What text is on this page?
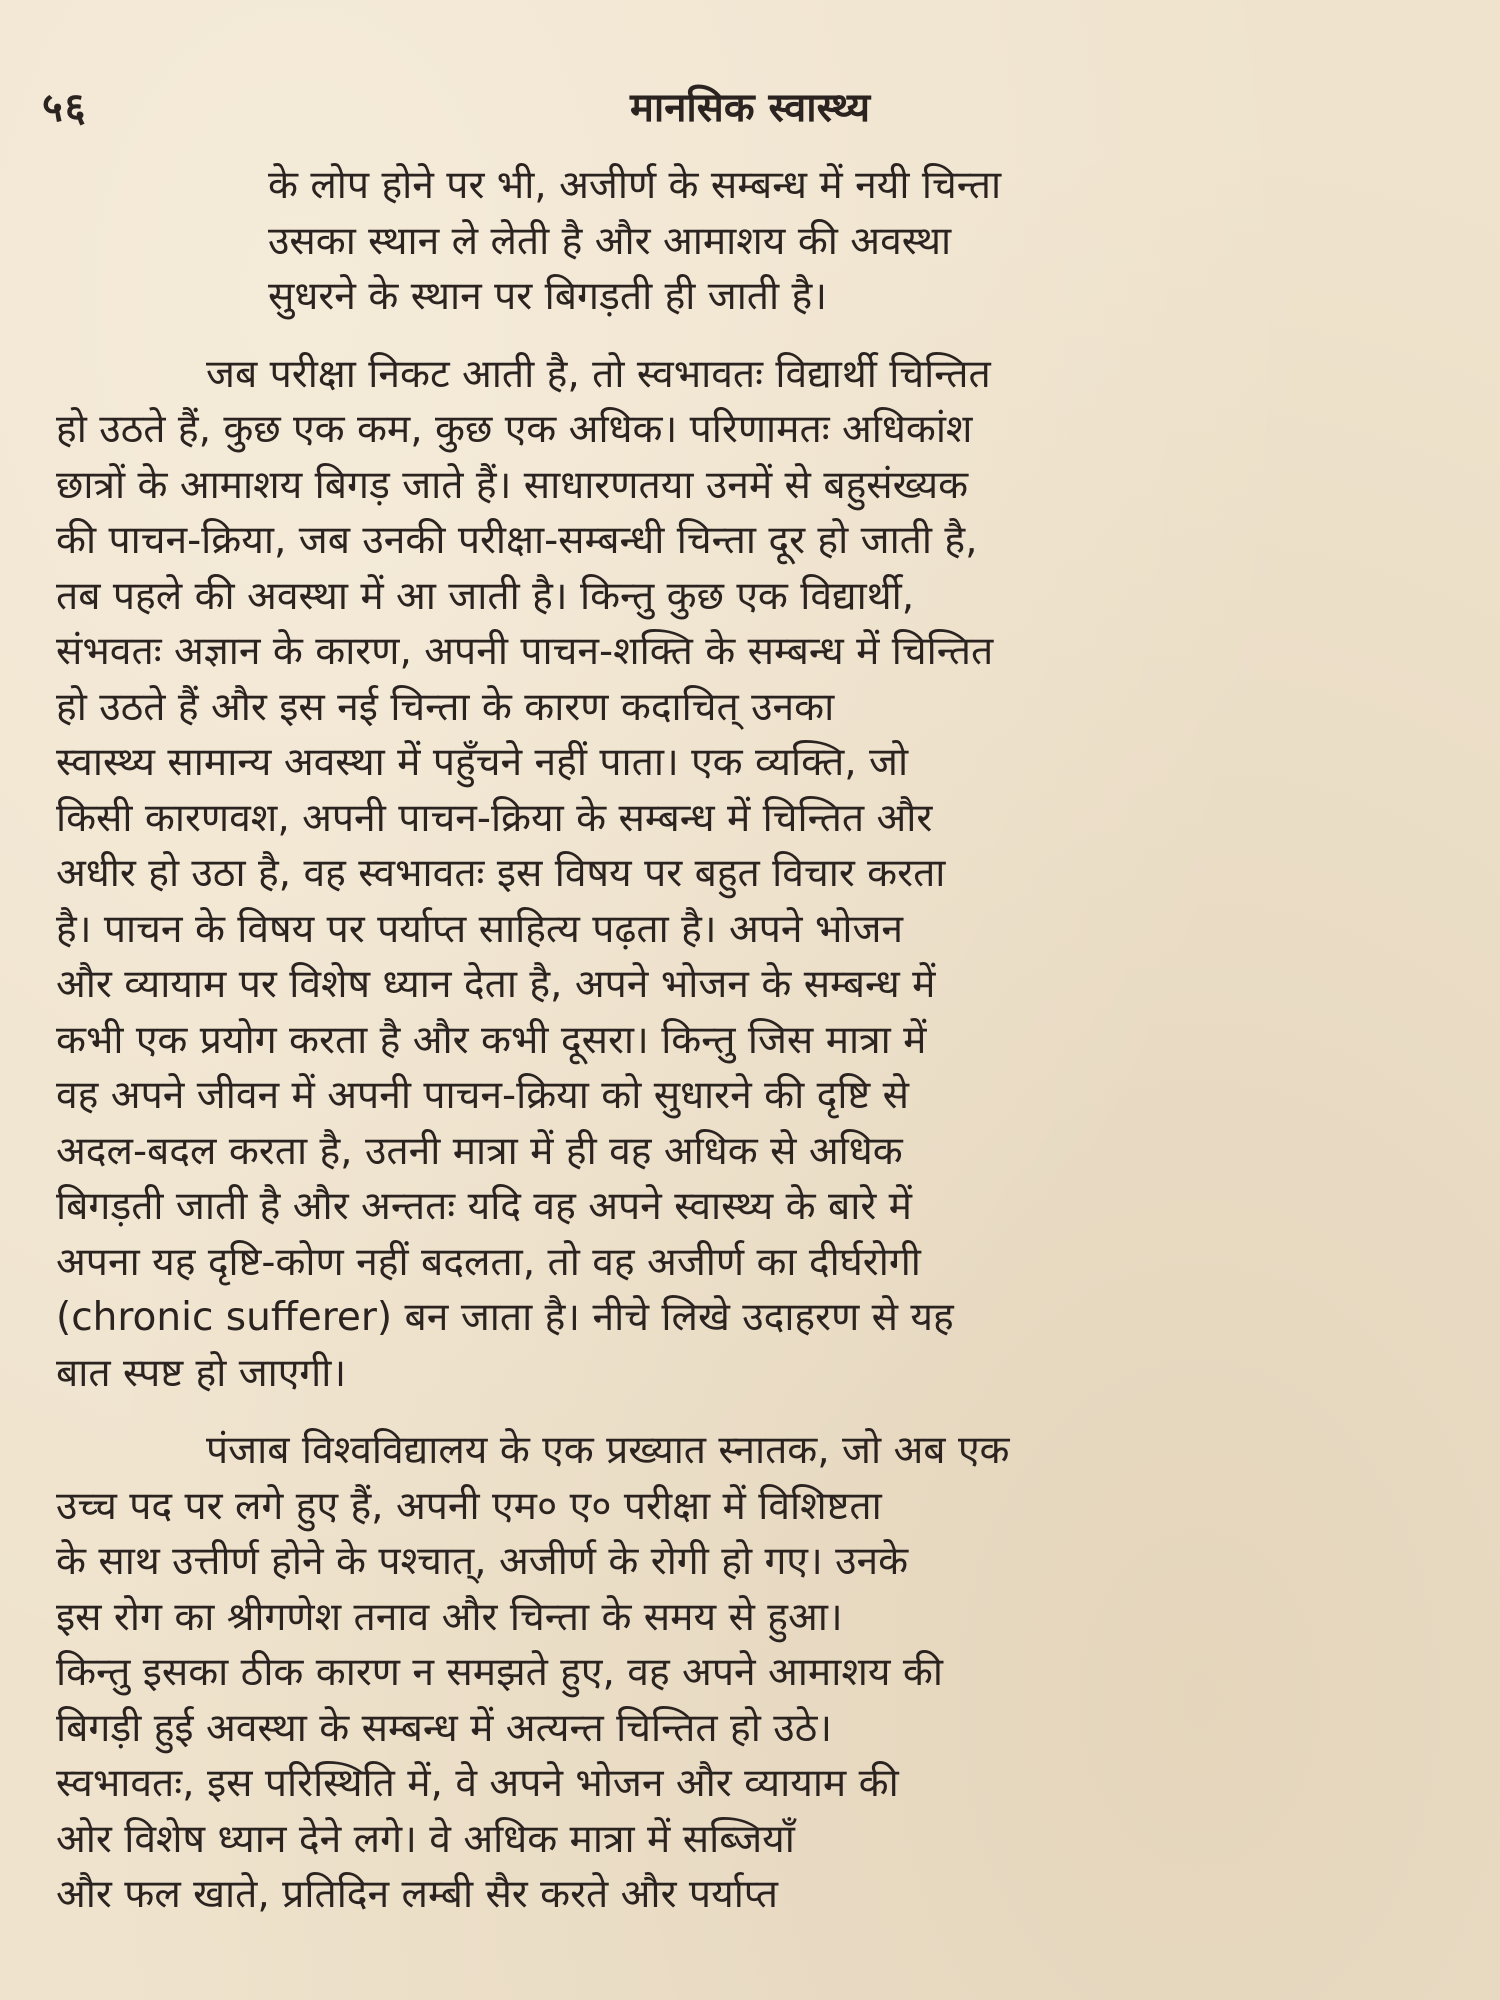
५६	मानसिक स्वास्थ्य
के लोप होने पर भी, अजीर्ण के सम्बन्ध में नयी चिन्ता
उसका स्थान ले लेती है और आमाशय की अवस्था
सुधरने के स्थान पर बिगड़ती ही जाती है।
जब परीक्षा निकट आती है, तो स्वभावतः विद्यार्थी चिन्तित
हो उठते हैं, कुछ एक कम, कुछ एक अधिक। परिणामतः अधिकांश
छात्रों के आमाशय बिगड़ जाते हैं। साधारणतया उनमें से बहुसंख्यक
की पाचन-क्रिया, जब उनकी परीक्षा-सम्बन्धी चिन्ता दूर हो जाती है,
तब पहले की अवस्था में आ जाती है। किन्तु कुछ एक विद्यार्थी,
संभवतः अज्ञान के कारण, अपनी पाचन-शक्ति के सम्बन्ध में चिन्तित
हो उठते हैं और इस नई चिन्ता के कारण कदाचित् उनका
स्वास्थ्य सामान्य अवस्था में पहुँचने नहीं पाता। एक व्यक्ति, जो
किसी कारणवश, अपनी पाचन-क्रिया के सम्बन्ध में चिन्तित और
अधीर हो उठा है, वह स्वभावतः इस विषय पर बहुत विचार करता
है। पाचन के विषय पर पर्याप्त साहित्य पढ़ता है। अपने भोजन
और व्यायाम पर विशेष ध्यान देता है, अपने भोजन के सम्बन्ध में
कभी एक प्रयोग करता है और कभी दूसरा। किन्तु जिस मात्रा में
वह अपने जीवन में अपनी पाचन-क्रिया को सुधारने की दृष्टि से
अदल-बदल करता है, उतनी मात्रा में ही वह अधिक से अधिक
बिगड़ती जाती है और अन्ततः यदि वह अपने स्वास्थ्य के बारे में
अपना यह दृष्टि-कोण नहीं बदलता, तो वह अजीर्ण का दीर्घरोगी
(chronic sufferer) बन जाता है। नीचे लिखे उदाहरण से यह
बात स्पष्ट हो जाएगी।
पंजाब विश्वविद्यालय के एक प्रख्यात स्नातक, जो अब एक
उच्च पद पर लगे हुए हैं, अपनी एम० ए० परीक्षा में विशिष्टता
के साथ उत्तीर्ण होने के पश्चात्, अजीर्ण के रोगी हो गए। उनके
इस रोग का श्रीगणेश तनाव और चिन्ता के समय से हुआ।
किन्तु इसका ठीक कारण न समझते हुए, वह अपने आमाशय की
बिगड़ी हुई अवस्था के सम्बन्ध में अत्यन्त चिन्तित हो उठे।
स्वभावतः, इस परिस्थिति में, वे अपने भोजन और व्यायाम की
ओर विशेष ध्यान देने लगे। वे अधिक मात्रा में सब्जियाँ
और फल खाते, प्रतिदिन लम्बी सैर करते और पर्याप्त
